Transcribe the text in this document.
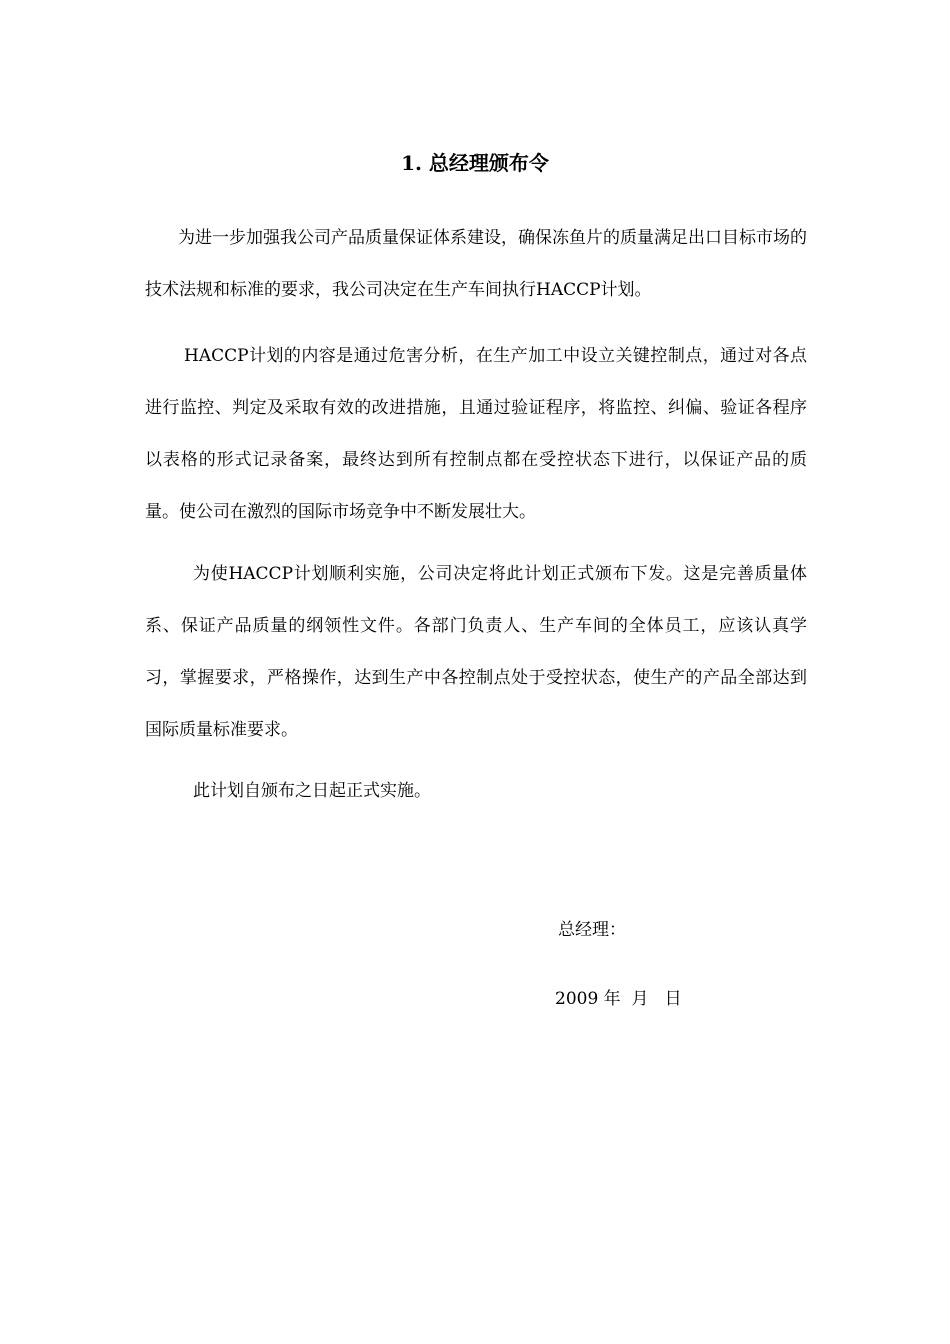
1. 总经理颁布令
为进一步加强我公司产品质量保证体系建设，确保冻鱼片的质量满足出口目标市场的技术法规和标准的要求，我公司决定在生产车间执行HACCP计划。
HACCP计划的内容是通过危害分析，在生产加工中设立关键控制点，通过对各点进行监控、判定及采取有效的改进措施，且通过验证程序，将监控、纠偏、验证各程序以表格的形式记录备案，最终达到所有控制点都在受控状态下进行，以保证产品的质量。使公司在激烈的国际市场竞争中不断发展壮大。
为使HACCP计划顺利实施，公司决定将此计划正式颁布下发。这是完善质量体系、保证产品质量的纲领性文件。各部门负责人、生产车间的全体员工，应该认真学习，掌握要求，严格操作，达到生产中各控制点处于受控状态，使生产的产品全部达到国际质量标准要求。
此计划自颁布之日起正式实施。
总经理：
2009 年  月   日
